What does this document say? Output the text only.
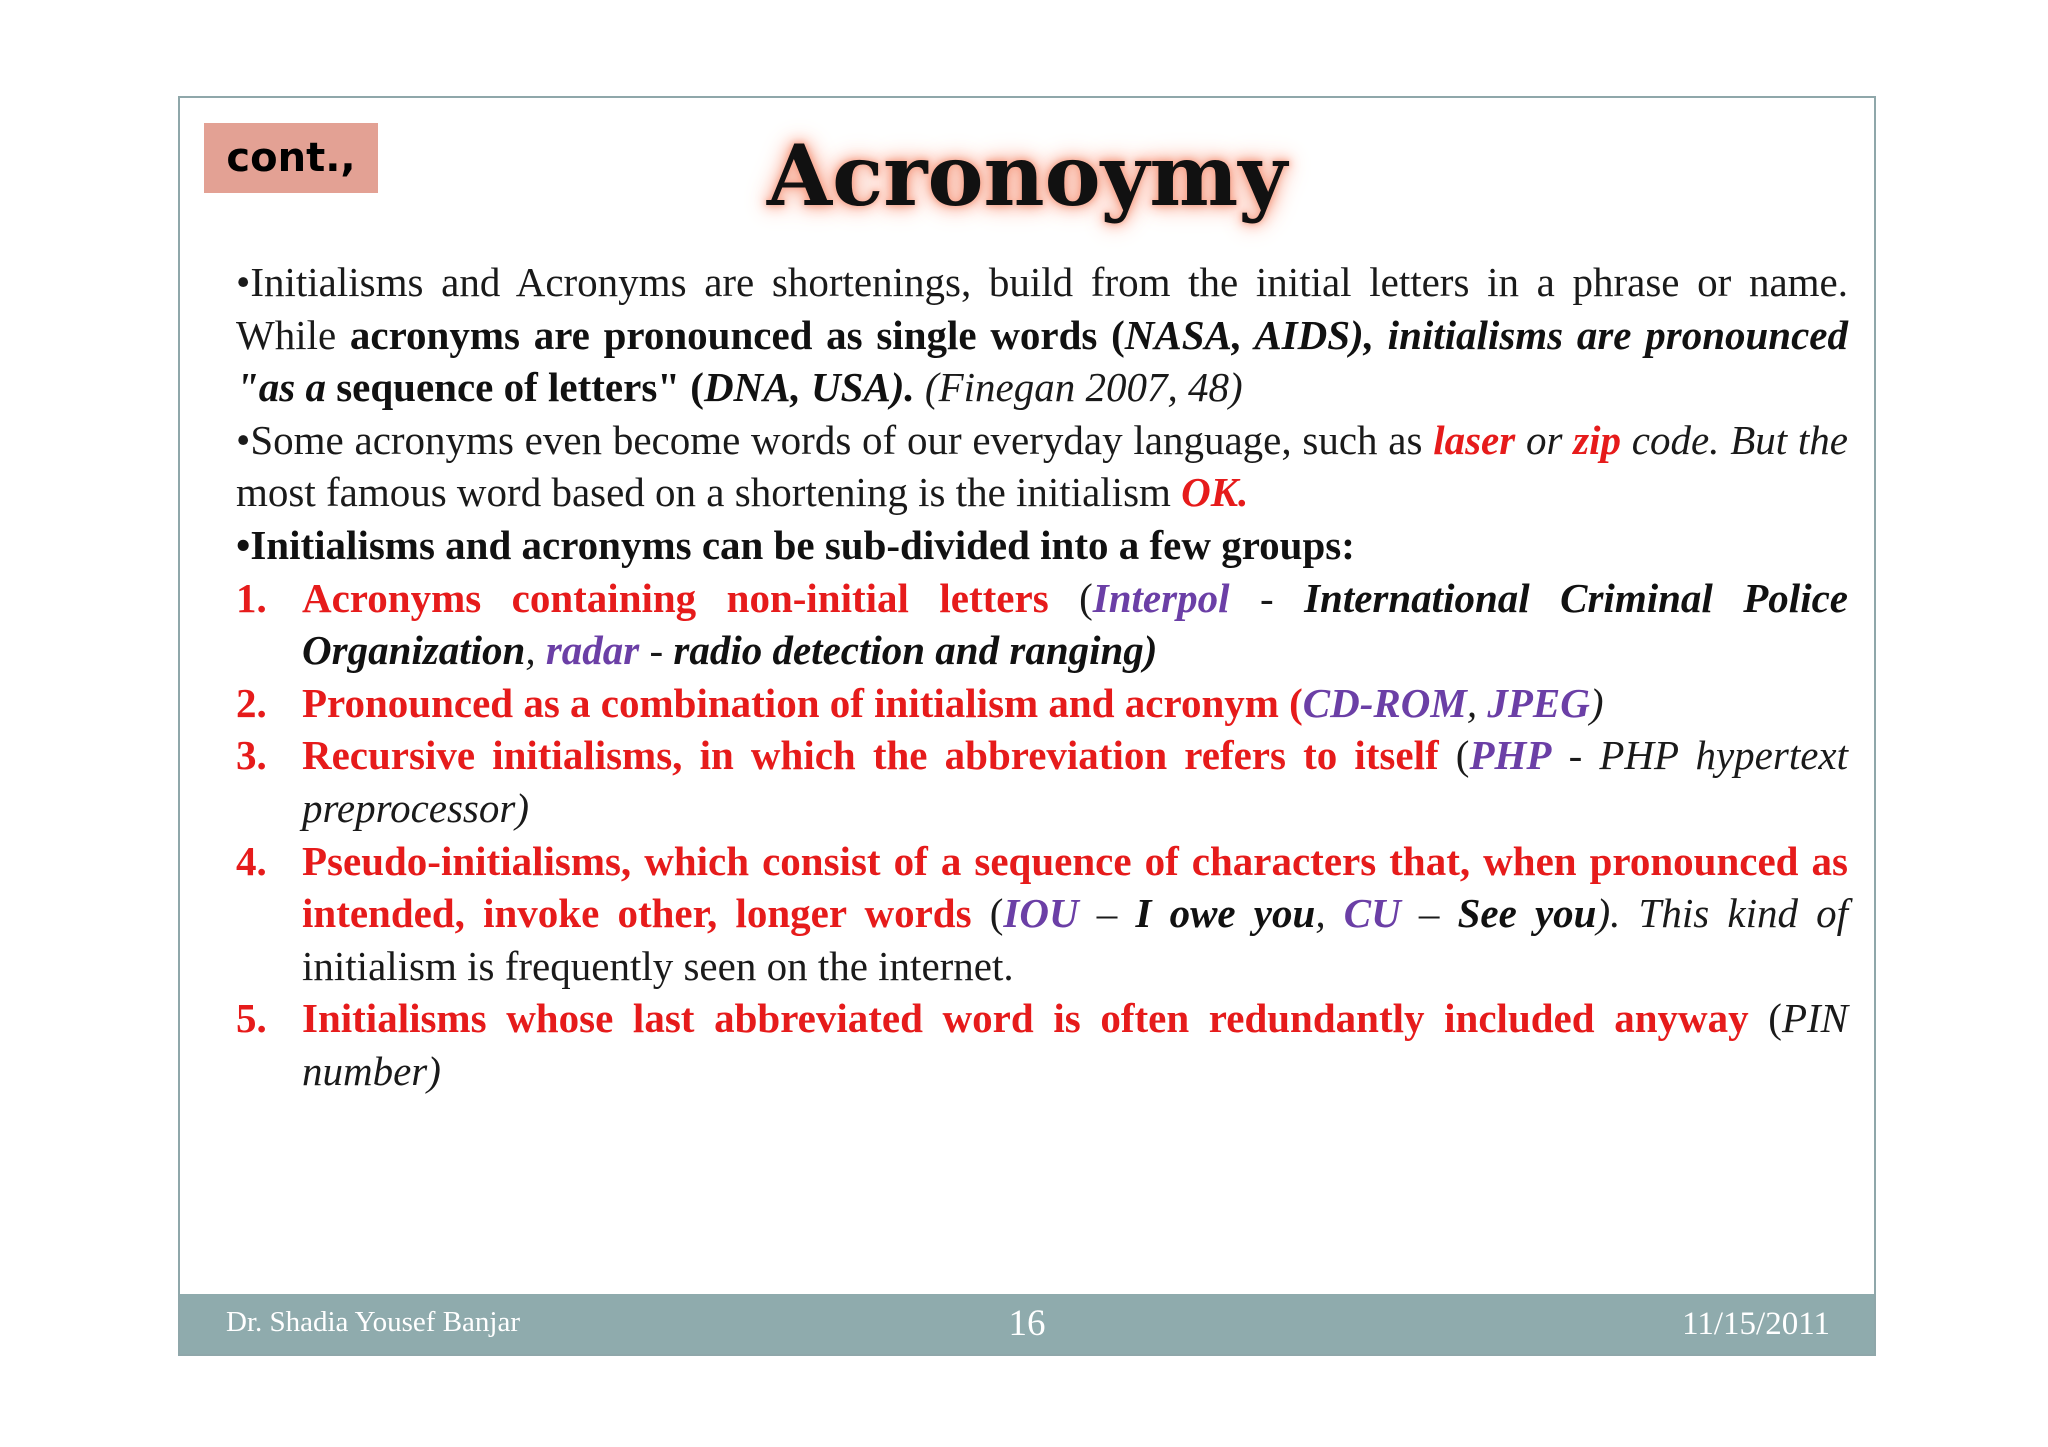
cont.,	Acronoymy
•Initialisms and Acronyms are shortenings, build from the initial letters in a phrase or name. While acronyms are pronounced as single words (NASA, AIDS), initialisms are pronounced "as a sequence of letters" (DNA, USA). (Finegan 2007, 48)
•Some acronyms even become words of our everyday language, such as laser or zip code. But the most famous word based on a shortening is the initialism OK.
•Initialisms and acronyms can be sub-divided into a few groups:
1. Acronyms containing non-initial letters (Interpol - International Criminal Police Organization, radar - radio detection and ranging)
2. Pronounced as a combination of initialism and acronym (CD-ROM, JPEG)
3. Recursive initialisms, in which the abbreviation refers to itself (PHP - PHP hypertext preprocessor)
4. Pseudo-initialisms, which consist of a sequence of characters that, when pronounced as intended, invoke other, longer words (IOU – I owe you, CU – See you). This kind of initialism is frequently seen on the internet.
5. Initialisms whose last abbreviated word is often redundantly included anyway (PIN number)
Dr. Shadia Yousef Banjar	16	11/15/2011
